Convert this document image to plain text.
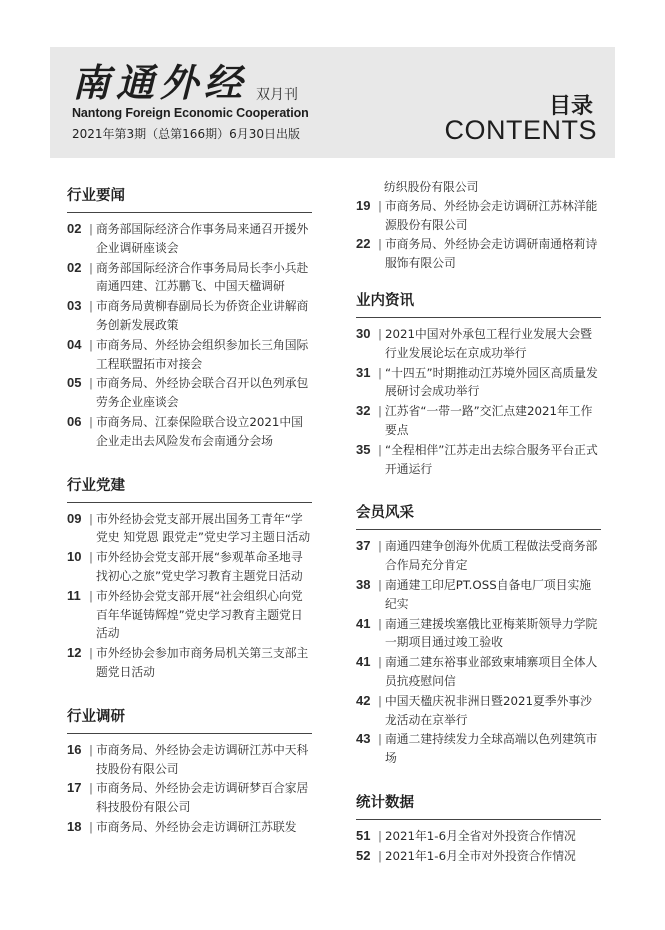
南通外经 双月刊
Nantong Foreign Economic Cooperation
2021年第3期（总第166期）6月30日出版
目录
CONTENTS
行业要闻
02 | 商务部国际经济合作事务局来通召开援外企业调研座谈会
02 | 商务部国际经济合作事务局局长李小兵赴南通四建、江苏鹏飞、中国天楹调研
03 | 市商务局黄柳春副局长为侨资企业讲解商务创新发展政策
04 | 市商务局、外经协会组织参加长三角国际工程联盟拓市对接会
05 | 市商务局、外经协会联合召开以色列承包劳务企业座谈会
06 | 市商务局、江泰保险联合设立2021中国企业走出去风险发布会南通分会场
行业党建
09 | 市外经协会党支部开展出国务工青年“学党史 知党恩 跟党走”党史学习主题日活动
10 | 市外经协会党支部开展“参观革命圣地寻找初心之旅”党史学习教育主题党日活动
11 | 市外经协会党支部开展“社会组织心向党 百年华诞铸辉煌”党史学习教育主题党日活动
12 | 市外经协会参加市商务局机关第三支部主题党日活动
行业调研
16 | 市商务局、外经协会走访调研江苏中天科技股份有限公司
17 | 市商务局、外经协会走访调研梦百合家居科技股份有限公司
18 | 市商务局、外经协会走访调研江苏联发
纺织股份有限公司
19 | 市商务局、外经协会走访调研江苏林洋能源股份有限公司
22 | 市商务局、外经协会走访调研南通格莉诗服饰有限公司
业内资讯
30 | 2021中国对外承包工程行业发展大会暨行业发展论坛在京成功举行
31 | “十四五”时期推动江苏境外园区高质量发展研讨会成功举行
32 | 江苏省“一带一路”交汇点建2021年工作要点
35 | “全程相伴”江苏走出去综合服务平台正式开通运行
会员风采
37 | 南通四建争创海外优质工程做法受商务部合作局充分肯定
38 | 南通建工印尼PT.OSS自备电厂项目实施纪实
41 | 南通三建援埃塞俄比亚梅莱斯领导力学院一期项目通过竣工验收
41 | 南通二建东裕事业部致柬埔寨项目全体人员抗疫慰问信
42 | 中国天楹庆祝非洲日暨2021夏季外事沙龙活动在京举行
43 | 南通二建持续发力全球高端以色列建筑市场
统计数据
51 | 2021年1-6月全省对外投资合作情况
52 | 2021年1-6月全市对外投资合作情况
